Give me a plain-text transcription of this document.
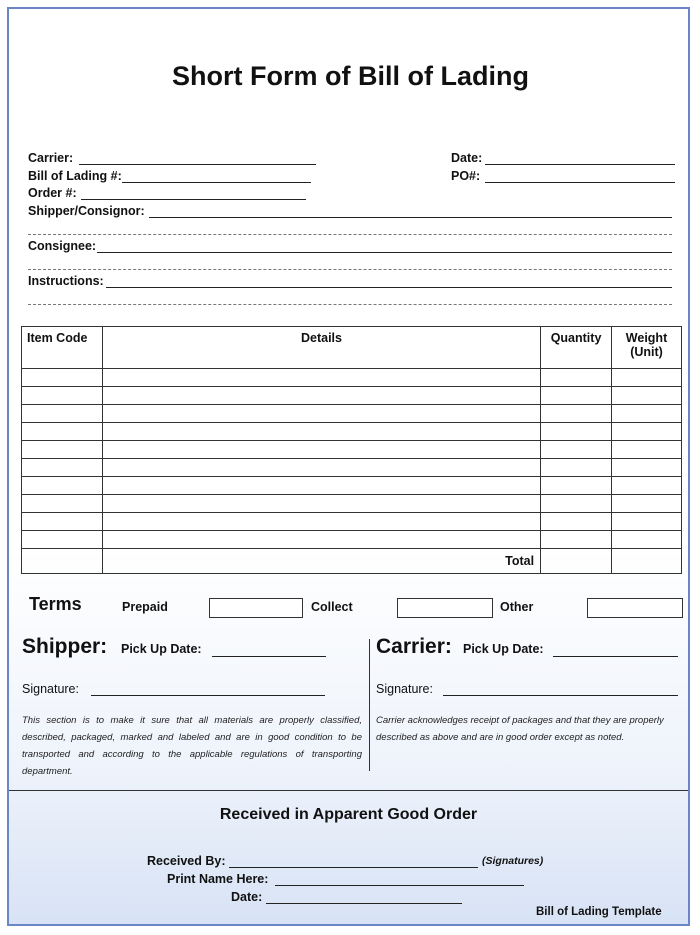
Short Form of Bill of Lading
Carrier:	Date:
Bill of Lading #:	PO#:
Order #:
Shipper/Consignor:
Consignee:
Instructions:
Item Code	Details	Quantity	Weight
(Unit)

	Total		
Terms	Prepaid	Collect	Other
Shipper: Pick Up Date:
Signature:
This section is to make it sure that all materials are properly classified, described, packaged, marked and labeled and are in good condition to be transported and according to the applicable regulations of transporting department.
Carrier: Pick Up Date:
Signature:
Carrier acknowledges receipt of packages and that they are properly described as above and are in good order except as noted.
Received in Apparent Good Order
Received By:	(Signatures)
Print Name Here:
Date:
Bill of Lading Template
